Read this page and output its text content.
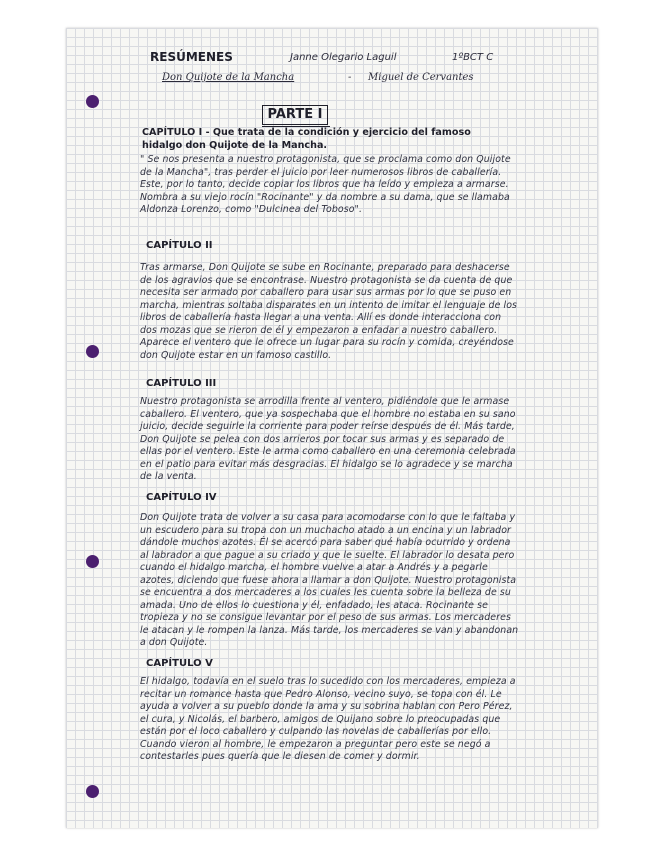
RESÚMENES	Janne Olegario Laguil	1ºBCT C
Don Quijote de la Mancha	- Miguel de Cervantes
PARTE I
CAPÍTULO I - Que trata de la condición y ejercicio del famoso hidalgo don Quijote de la Mancha.
" Se nos presenta a nuestro protagonista, que se proclama como don Quijote de la Mancha", tras perder el juicio por leer numerosos libros de caballería. Este, por lo tanto, decide copiar los libros que ha leído y empieza a armarse. Nombra a su viejo rocín "Rocinante" y da nombre a su dama, que se llamaba Aldonza Lorenzo, como "Dulcinea del Toboso".
CAPÍTULO II
Tras armarse, Don Quijote se sube en Rocinante, preparado para deshacerse de los agravios que se encontrase. Nuestro protagonista se da cuenta de que necesita ser armado por caballero para usar sus armas por lo que se puso en marcha, mientras soltaba disparates en un intento de imitar el lenguaje de los libros de caballería hasta llegar a una venta. Allí es donde interacciona con dos mozas que se rieron de él y empezaron a enfadar a nuestro caballero. Aparece el ventero que le ofrece un lugar para su rocín y comida, creyéndose don Quijote estar en un famoso castillo.
CAPÍTULO III
Nuestro protagonista se arrodilla frente al ventero, pidiéndole que le armase caballero. El ventero, que ya sospechaba que el hombre no estaba en su sano juicio, decide seguirle la corriente para poder reírse después de él. Más tarde, Don Quijote se pelea con dos arrieros por tocar sus armas y es separado de ellas por el ventero. Este le arma como caballero en una ceremonia celebrada en el patio para evitar más desgracias. El hidalgo se lo agradece y se marcha de la venta.
CAPÍTULO IV
Don Quijote trata de volver a su casa para acomodarse con lo que le faltaba y un escudero para su tropa con un muchacho atado a un encina y un labrador dándole muchos azotes. Él se acercó para saber qué había ocurrido y ordena al labrador a que pague a su criado y que le suelte. El labrador lo desata pero cuando el hidalgo marcha, el hombre vuelve a atar a Andrés y a pegarle azotes, diciendo que fuese ahora a llamar a don Quijote. Nuestro protagonista se encuentra a dos mercaderes a los cuales les cuenta sobre la belleza de su amada. Uno de ellos lo cuestiona y él, enfadado, les ataca. Rocinante se tropieza y no se consigue levantar por el peso de sus armas. Los mercaderes le atacan y le rompen la lanza. Más tarde, los mercaderes se van y abandonan a don Quijote.
CAPÍTULO V
El hidalgo, todavía en el suelo tras lo sucedido con los mercaderes, empieza a recitar un romance hasta que Pedro Alonso, vecino suyo, se topa con él. Le ayuda a volver a su pueblo donde la ama y su sobrina hablan con Pero Pérez, el cura, y Nicolás, el barbero, amigos de Quijano sobre lo preocupadas que están por el loco caballero y culpando las novelas de caballerías por ello. Cuando vieron al hombre, le empezaron a preguntar pero este se negó a contestarles pues quería que le diesen de comer y dormir.
